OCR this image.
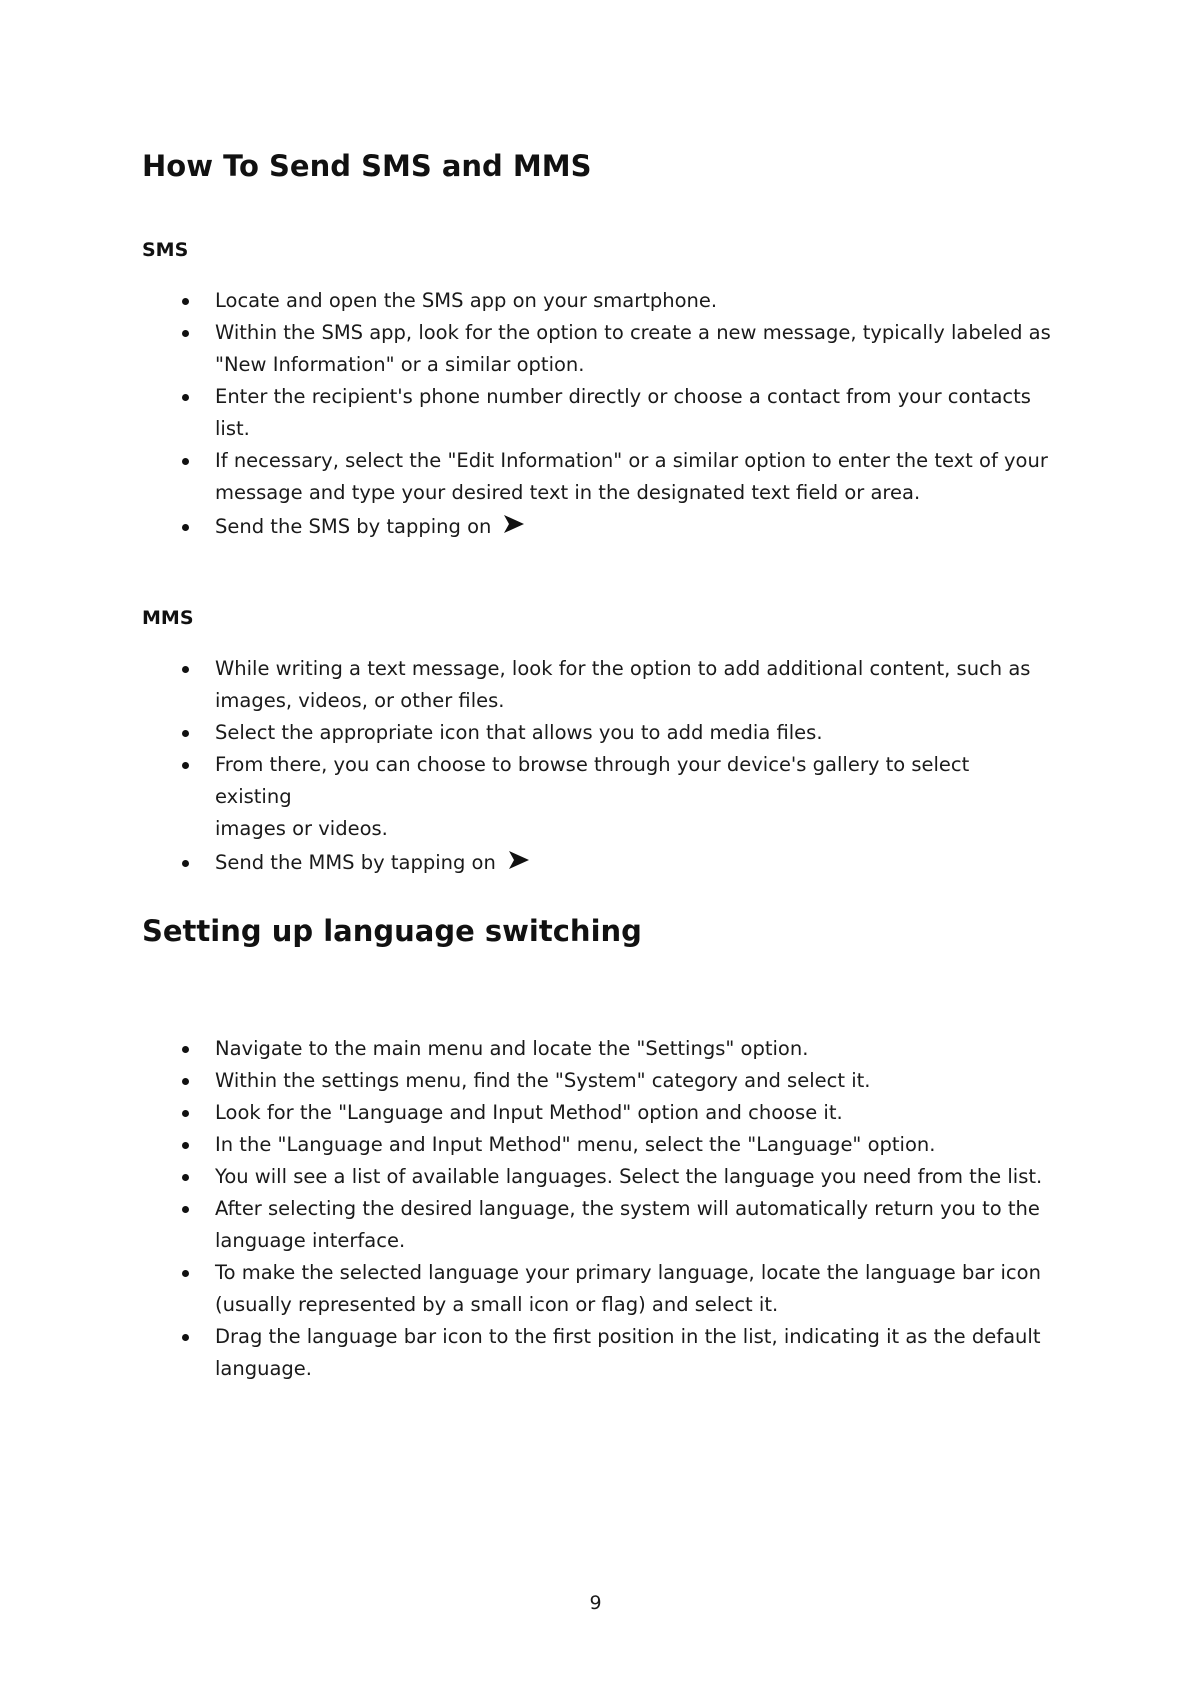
How To Send SMS and MMS
SMS
Locate and open the SMS app on your smartphone.
Within the SMS app, look for the option to create a new message, typically labeled as
"New Information" or a similar option.
Enter the recipient's phone number directly or choose a contact from your contacts
list.
If necessary, select the "Edit Information" or a similar option to enter the text of your
message and type your desired text in the designated text field or area.
Send the SMS by tapping on
MMS
While writing a text message, look for the option to add additional content, such as
images, videos, or other files.
Select the appropriate icon that allows you to add media files.
From there, you can choose to browse through your device's gallery to select existing
images or videos.
Send the MMS by tapping on
Setting up language switching
Navigate to the main menu and locate the "Settings" option.
Within the settings menu, find the "System" category and select it.
Look for the "Language and Input Method" option and choose it.
In the "Language and Input Method" menu, select the "Language" option.
You will see a list of available languages. Select the language you need from the list.
After selecting the desired language, the system will automatically return you to the
language interface.
To make the selected language your primary language, locate the language bar icon
(usually represented by a small icon or flag) and select it.
Drag the language bar icon to the first position in the list, indicating it as the default
language.
9
